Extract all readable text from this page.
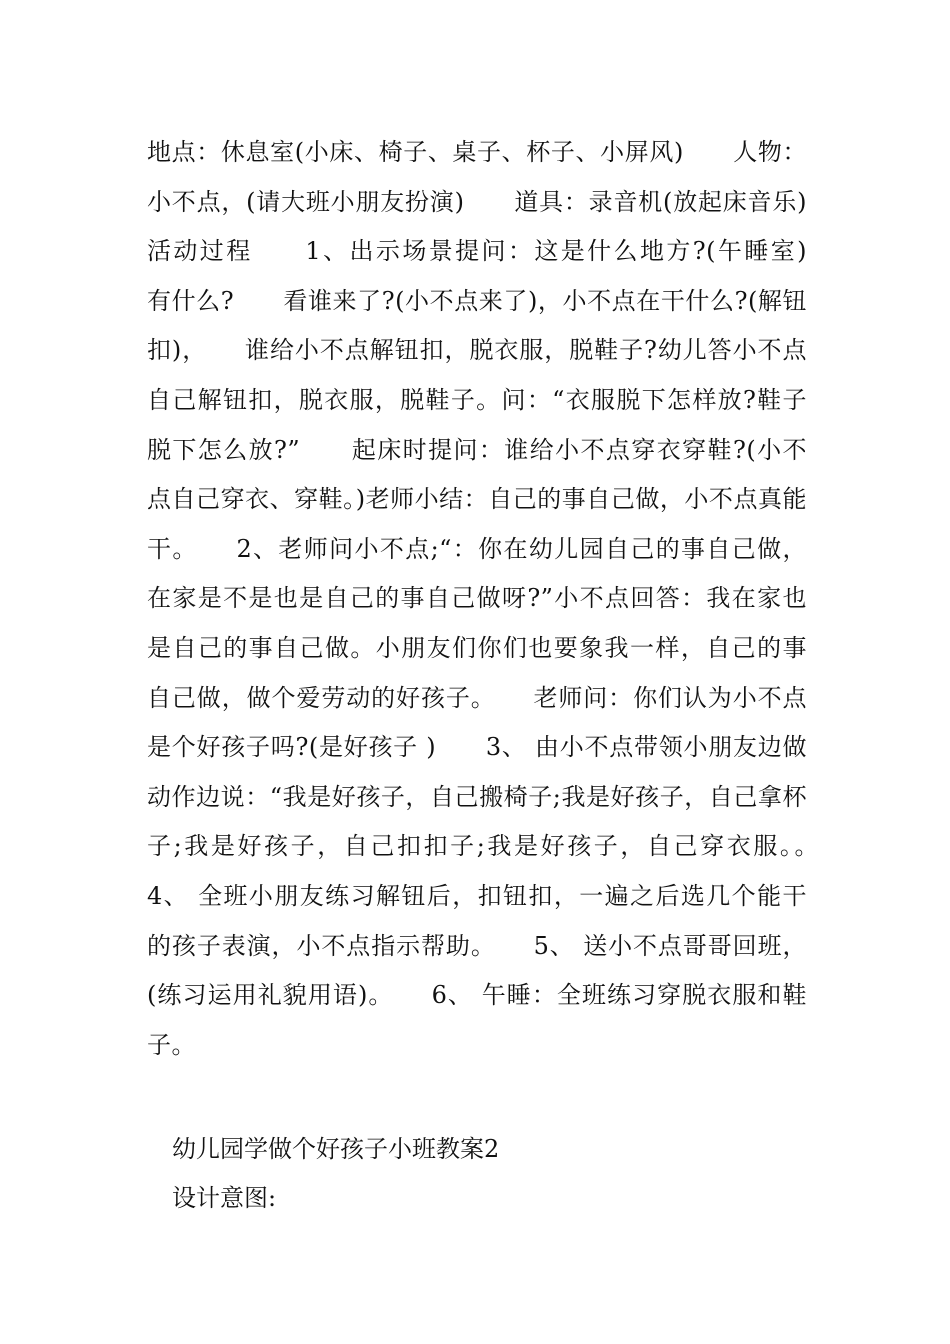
地点：休息室(小床、椅子、桌子、杯子、小屏风)　　人物：小不点，(请大班小朋友扮演)　　道具：录音机(放起床音乐)　　活动过程　　1、出示场景提问：这是什么地方?(午睡室)　　有什么?　　看谁来了?(小不点来了)，小不点在干什么?(解钮扣)，　　谁给小不点解钮扣，脱衣服，脱鞋子?幼儿答小不点自己解钮扣，脱衣服，脱鞋子。问：“衣服脱下怎样放?鞋子脱下怎么放?”　　起床时提问：谁给小不点穿衣穿鞋?(小不点自己穿衣、穿鞋。)老师小结：自己的事自己做，小不点真能干。　　2、老师问小不点;“：你在幼儿园自己的事自己做，在家是不是也是自己的事自己做呀?”小不点回答：我在家也是自己的事自己做。小朋友们你们也要象我一样，自己的事自己做，做个爱劳动的好孩子。　　老师问：你们认为小不点是个好孩子吗?(是好孩子 )　　3、 由小不点带领小朋友边做动作边说：“我是好孩子，自己搬椅子;我是好孩子，自己拿杯子;我是好孩子，自己扣扣子;我是好孩子，自己穿衣服。。　　4、 全班小朋友练习解钮后，扣钮扣，一遍之后选几个能干的孩子表演，小不点指示帮助。　　5、 送小不点哥哥回班，(练习运用礼貌用语)。　　6、 午睡：全班练习穿脱衣服和鞋子。

幼儿园学做个好孩子小班教案2

设计意图:
